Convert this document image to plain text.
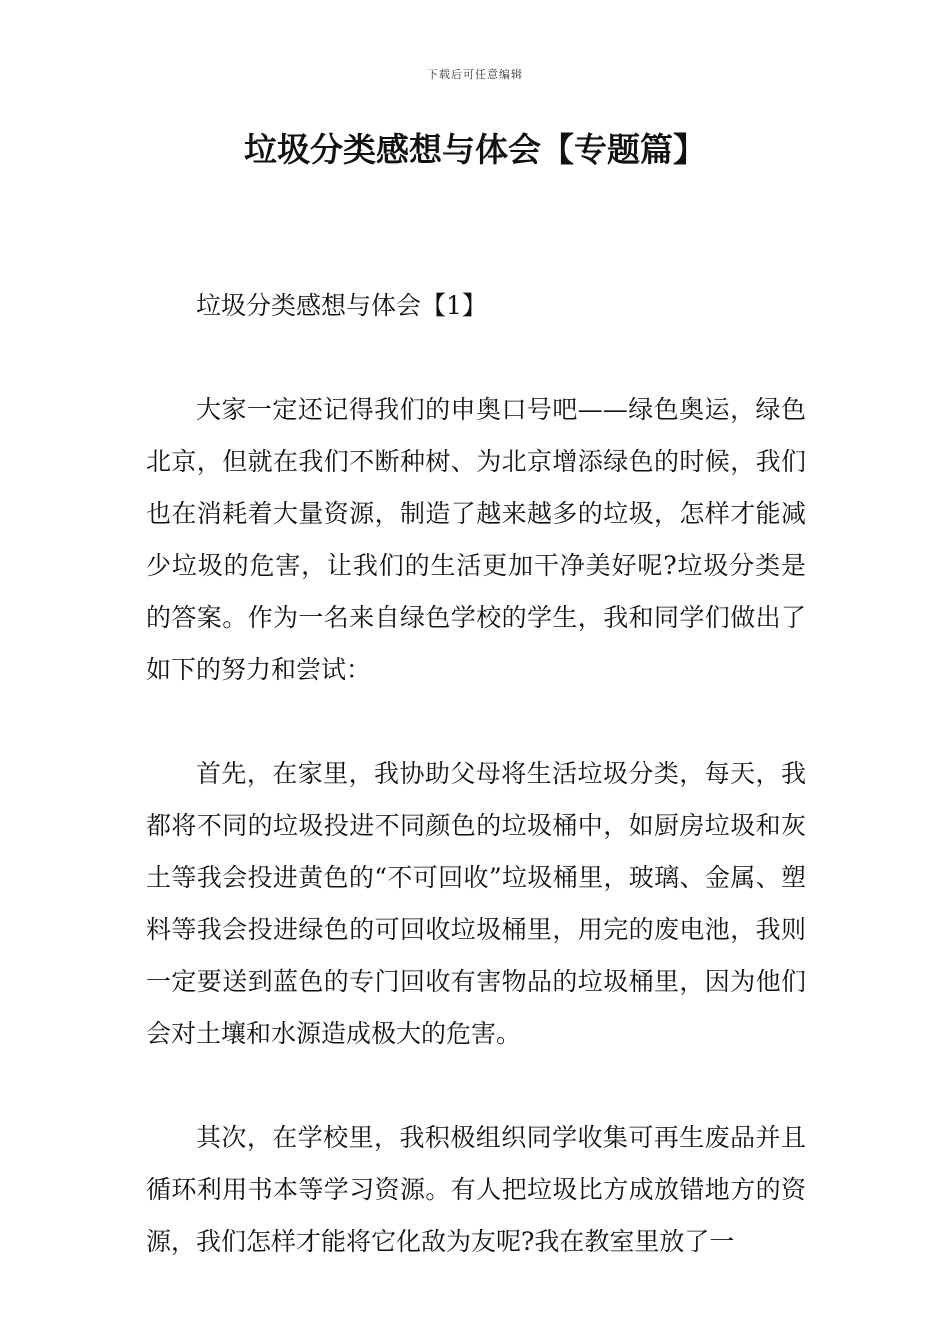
下载后可任意编辑
垃圾分类感想与体会【专题篇】

垃圾分类感想与体会【1】

大家一定还记得我们的申奥口号吧——绿色奥运，绿色北京，但就在我们不断种树、为北京增添绿色的时候，我们也在消耗着大量资源，制造了越来越多的垃圾，怎样才能减少垃圾的危害，让我们的生活更加干净美好呢?垃圾分类是的答案。作为一名来自绿色学校的学生，我和同学们做出了如下的努力和尝试：

首先，在家里，我协助父母将生活垃圾分类，每天，我都将不同的垃圾投进不同颜色的垃圾桶中，如厨房垃圾和灰土等我会投进黄色的“不可回收”垃圾桶里，玻璃、金属、塑料等我会投进绿色的可回收垃圾桶里，用完的废电池，我则一定要送到蓝色的专门回收有害物品的垃圾桶里，因为他们会对土壤和水源造成极大的危害。

其次，在学校里，我积极组织同学收集可再生废品并且循环利用书本等学习资源。有人把垃圾比方成放错地方的资源，我们怎样才能将它化敌为友呢?我在教室里放了一
